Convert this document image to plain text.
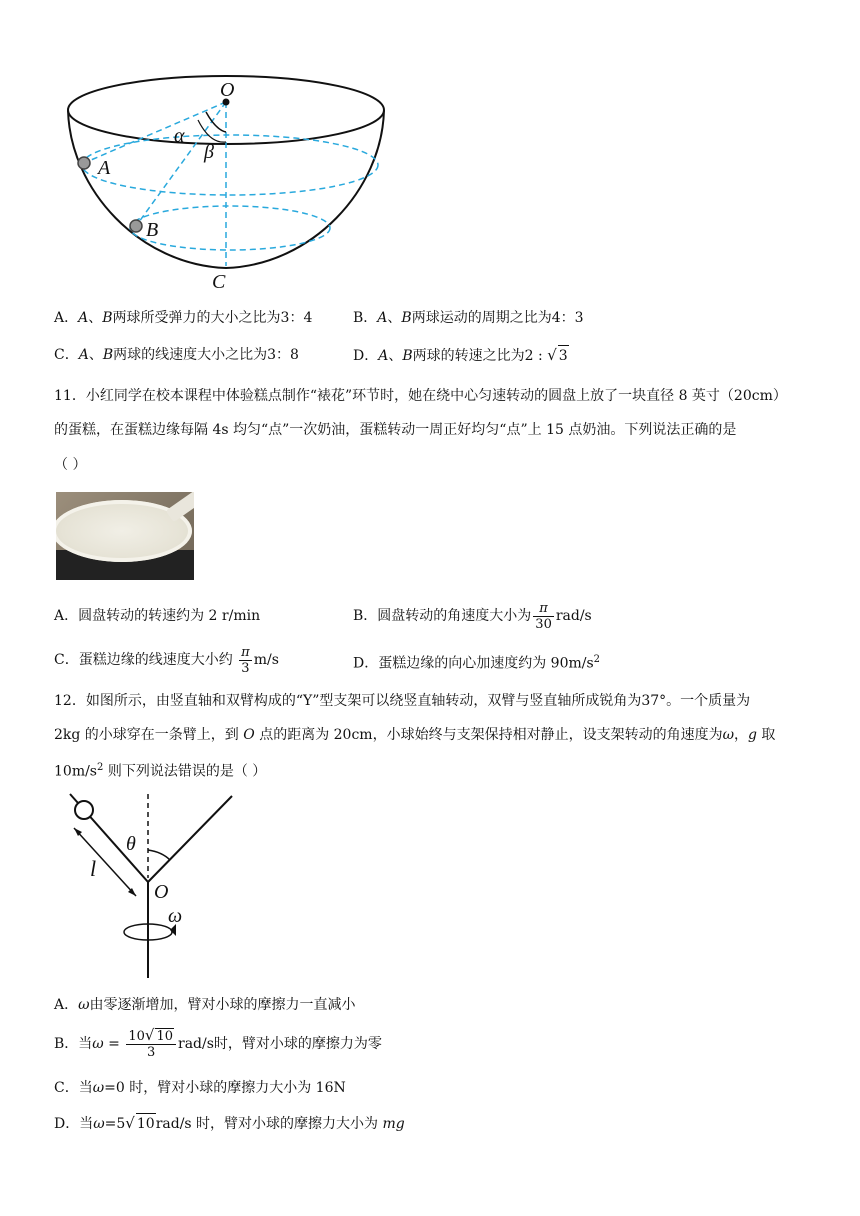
O
α
β
A
B
C
A．A、B两球所受弹力的大小之比为3：4	B．A、B两球运动的周期之比为4：3
C．A、B两球的线速度大小之比为3：8	D．A、B两球的转速之比为2 : √ 3
11．小红同学在校本课程中体验糕点制作“裱花”环节时，她在绕中心匀速转动的圆盘上放了一块直径 8 英寸（20cm）
的蛋糕，在蛋糕边缘每隔 4s 均匀“点”一次奶油，蛋糕转动一周正好均匀“点”上 15 点奶油。下列说法正确的是
（ ）
A．圆盘转动的转速约为 2 r/min	B．圆盘转动的角速度大小为 $\frac{\pi}{30} rad/s$
C．蛋糕边缘的线速度大小约 $\frac{\pi}{3} m/s$	D．蛋糕边缘的向心加速度约为 $90m/s^2$
12．如图所示，由竖直轴和双臂构成的“Y”型支架可以绕竖直轴转动，双臂与竖直轴所成锐角为37°。一个质量为
2kg 的小球穿在一条臂上，到 O 点的距离为 20cm，小球始终与支架保持相对静止，设支架转动的角速度为ω，g 取
$10m/s^2$ 则下列说法错误的是（ ）
θ
l
O
ω
A．ω由零逐渐增加，臂对小球的摩擦力一直减小
B．当$\omega = \frac{10√ 10}{3} rad/s$时，臂对小球的摩擦力为零
C．当ω=0 时，臂对小球的摩擦力大小为 16N
D．当ω=5√ 10rad/s 时，臂对小球的摩擦力大小为 mg
